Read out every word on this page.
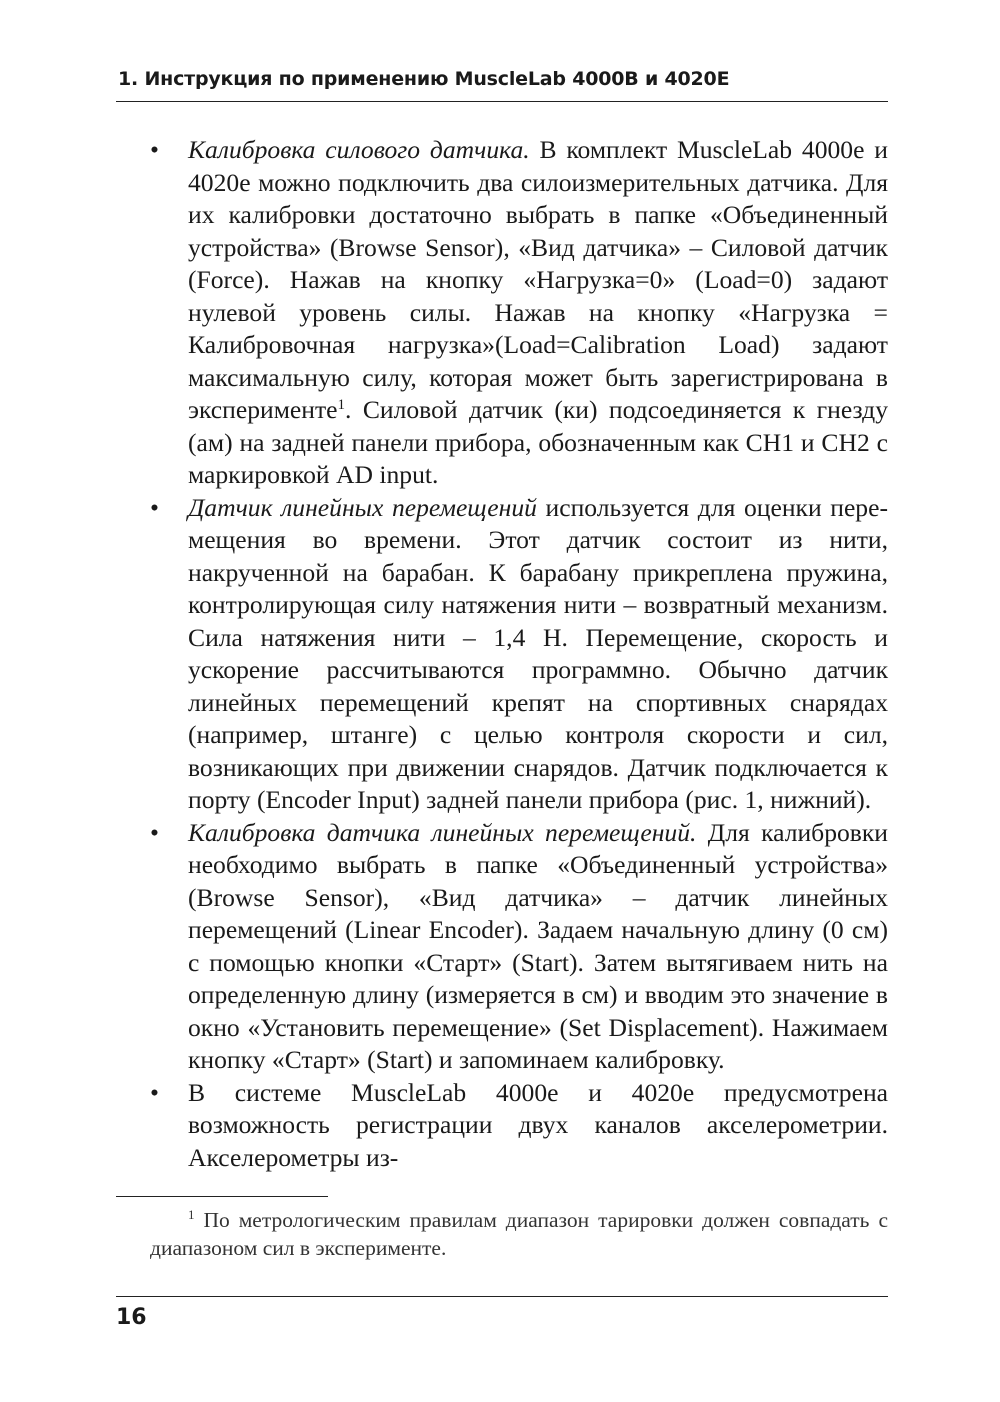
1. Инструкция по применению MuscleLab 4000B и 4020E
•	Калибровка силового датчика. В комплект MuscleLab 4000e и 4020e можно подключить два силоизмерительных датчика. Для их калибровки достаточно выбрать в папке «Объединенный устройства» (Browse Sensor), «Вид датчика» – Силовой датчик (Force). Нажав на кнопку «Нагрузка=0» (Load=0) задают нулевой уровень силы. Нажав на кнопку «Нагрузка = Калибровочная нагрузка»(Load=Calibration Load) задают максимальную силу, которая может быть зарегистрирована в эксперименте$^1$. Силовой датчик (ки) подсоединяется к гнезду (ам) на задней панели прибора, обозначенным как CH1 и CH2 с маркировкой AD input.
•	Датчик линейных перемещений используется для оценки пере-мещения во времени. Этот датчик состоит из нити, накрученной на барабан. К барабану прикреплена пружина, контролирующая силу натяжения нити – возвратный механизм. Сила натяжения нити – 1,4 Н. Перемещение, скорость и ускорение рассчитываются программно. Обычно датчик линейных перемещений крепят на спортивных снарядах (например, штанге) с целью контроля скорости и сил, возникающих при движении снарядов. Датчик подключается к порту (Encoder Input) задней панели прибора (рис. 1, нижний).
•	Калибровка датчика линейных перемещений. Для калибровки необходимо выбрать в папке «Объединенный устройства» (Browse Sensor), «Вид датчика» – датчик линейных перемещений (Linear Encoder). Задаем начальную длину (0 см) с помощью кнопки «Старт» (Start). Затем вытягиваем нить на определенную длину (измеряется в см) и вводим это значение в окно «Установить перемещение» (Set Displacement). Нажимаем кнопку «Старт» (Start) и запоминаем калибровку.
•	В системе MuscleLab 4000e и 4020e предусмотрена возможность регистрации двух каналов акселерометрии. Акселерометры из-

$^1$ По метрологическим правилам диапазон тарировки должен совпадать с диапазоном сил в эксперименте.

16
